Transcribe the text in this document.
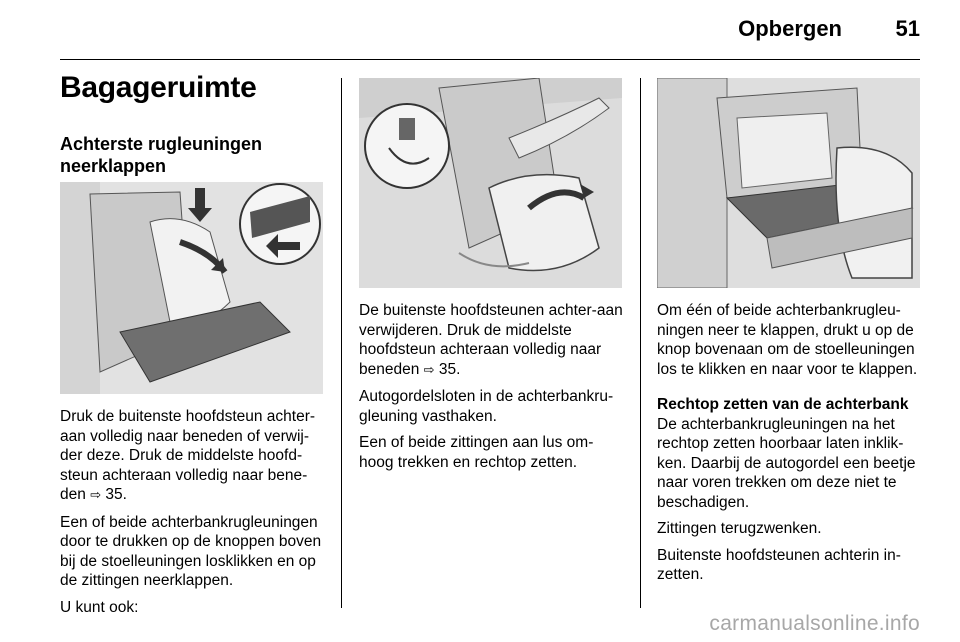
Opbergen 51
Bagageruimte
Achterste rugleuningen neerklappen

Druk de buitenste hoofdsteun achter-aan volledig naar beneden of verwij-der deze. Druk de middelste hoofd-steun achteraan volledig naar bene-den ⇨ 35.

Een of beide achterbankrugleuningen door te drukken op de knoppen boven bij de stoelleuningen losklikken en op de zittingen neerklappen.

U kunt ook:

De buitenste hoofdsteunen achter-aan verwijderen. Druk de middelste hoofdsteun achteraan volledig naar beneden ⇨ 35.

Autogordelsloten in de achterbankru-gleuning vasthaken.

Een of beide zittingen aan lus om-hoog trekken en rechtop zetten.

Om één of beide achterbankrugleu-ningen neer te klappen, drukt u op de knop bovenaan om de stoelleuningen los te klikken en naar voor te klappen.

Rechtop zetten van de achterbank

De achterbankrugleuningen na het rechtop zetten hoorbaar laten inklik-ken. Daarbij de autogordel een beetje naar voren trekken om deze niet te beschadigen.

Zittingen terugzwenken.

Buitenste hoofdsteunen achterin in-zetten.

carmanualsonline.info
